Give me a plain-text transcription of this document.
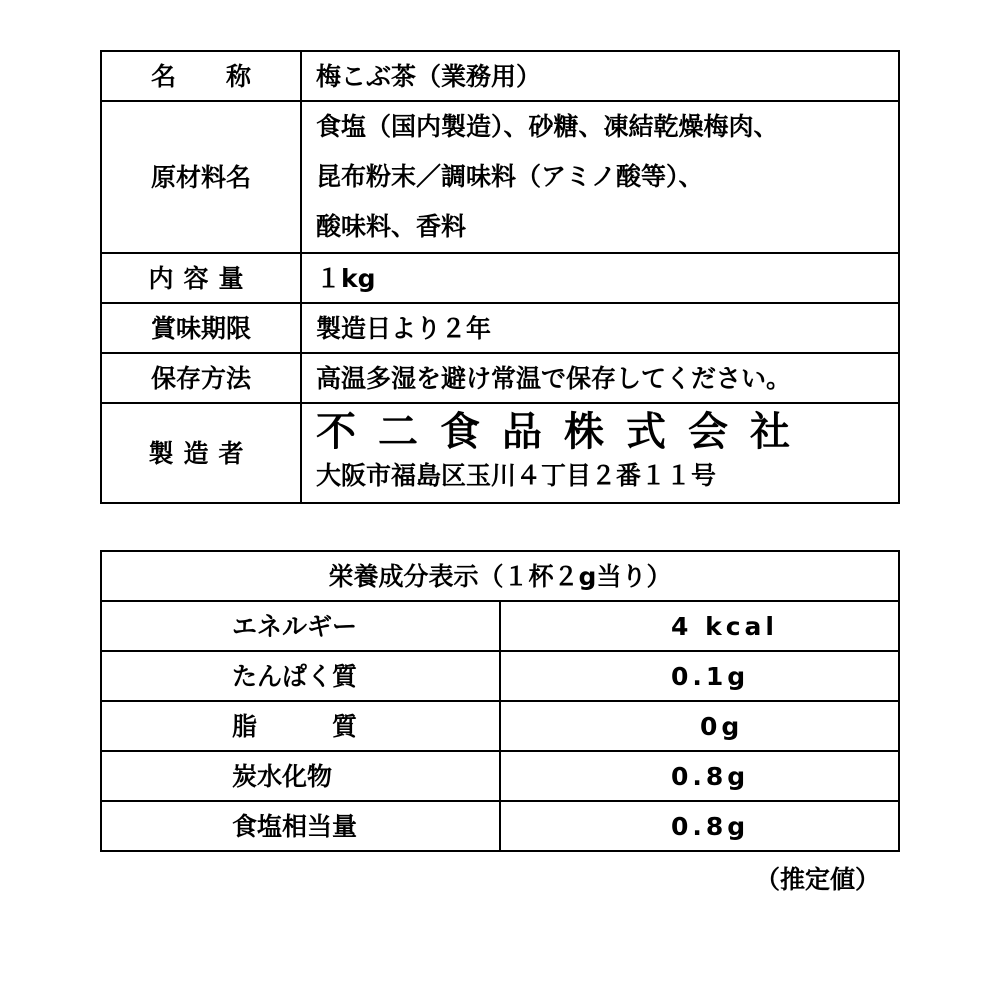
名　　称	梅こぶ茶（業務用）
原材料名	食塩（国内製造）、砂糖、凍結乾燥梅肉、
昆布粉末／調味料（アミノ酸等）、
酸味料、香料

内容量	１kg
賞味期限	製造日より２年
保存方法	高温多湿を避け常温で保存してください。
製造者	不二食品株式会社
大阪市福島区玉川４丁目２番１１号
栄養成分表示（１杯２g当り）	
エネルギー	4 kcal
たんぱく質	0.1g
脂　　　質	　0g
炭水化物	0.8g
食塩相当量	0.8g
（推定値）
